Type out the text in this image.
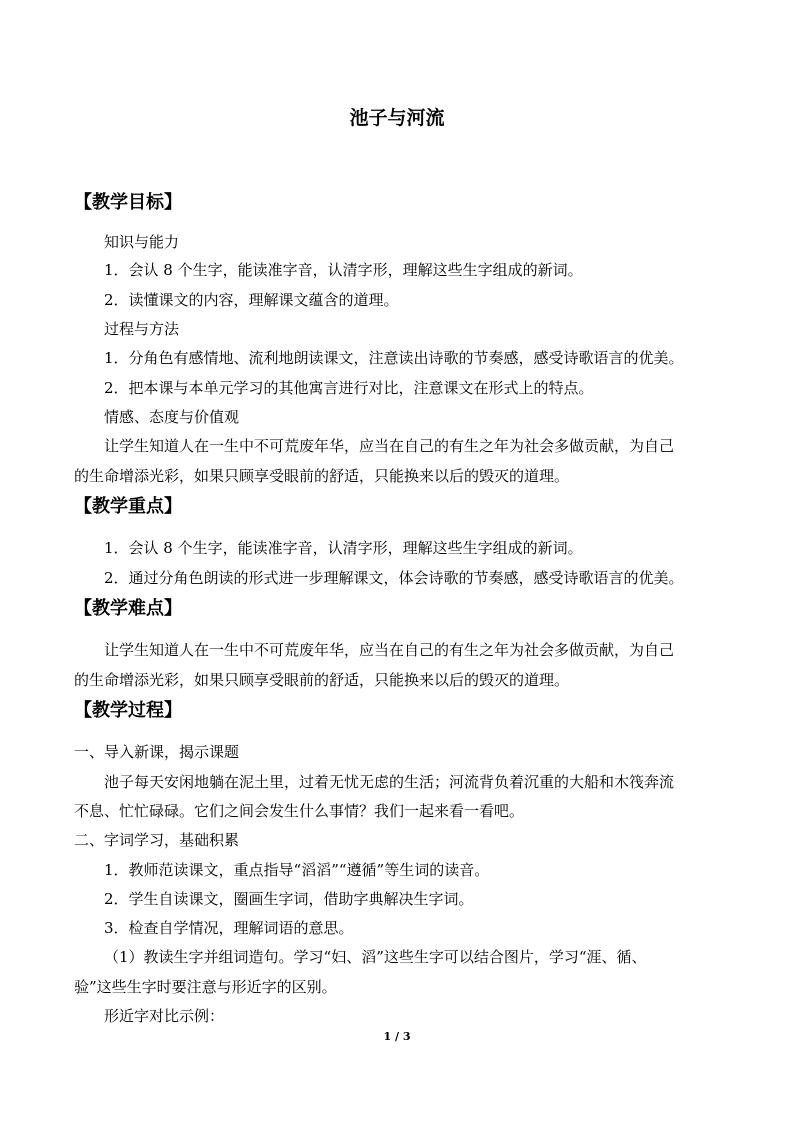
池子与河流
【教学目标】
知识与能力
1．会认 8 个生字，能读准字音，认清字形，理解这些生字组成的新词。
2．读懂课文的内容，理解课文蕴含的道理。
过程与方法
1．分角色有感情地、流利地朗读课文，注意读出诗歌的节奏感，感受诗歌语言的优美。
2．把本课与本单元学习的其他寓言进行对比，注意课文在形式上的特点。
情感、态度与价值观
让学生知道人在一生中不可荒废年华，应当在自己的有生之年为社会多做贡献，为自己
的生命增添光彩，如果只顾享受眼前的舒适，只能换来以后的毁灭的道理。
【教学重点】
1．会认 8 个生字，能读准字音，认清字形，理解这些生字组成的新词。
2．通过分角色朗读的形式进一步理解课文，体会诗歌的节奏感，感受诗歌语言的优美。
【教学难点】
让学生知道人在一生中不可荒废年华，应当在自己的有生之年为社会多做贡献，为自己
的生命增添光彩，如果只顾享受眼前的舒适，只能换来以后的毁灭的道理。
【教学过程】
一、导入新课，揭示课题
池子每天安闲地躺在泥土里，过着无忧无虑的生活；河流背负着沉重的大船和木筏奔流
不息、忙忙碌碌。它们之间会发生什么事情？我们一起来看一看吧。
二、字词学习，基础积累
1．教师范读课文，重点指导“滔滔”“遵循”等生词的读音。
2．学生自读课文，圈画生字词，借助字典解决生字词。
3．检查自学情况，理解词语的意思。
（1）教读生字并组词造句。学习“妇、滔”这些生字可以结合图片，学习“涯、循、
验”这些生字时要注意与形近字的区别。
形近字对比示例：
1 / 3
